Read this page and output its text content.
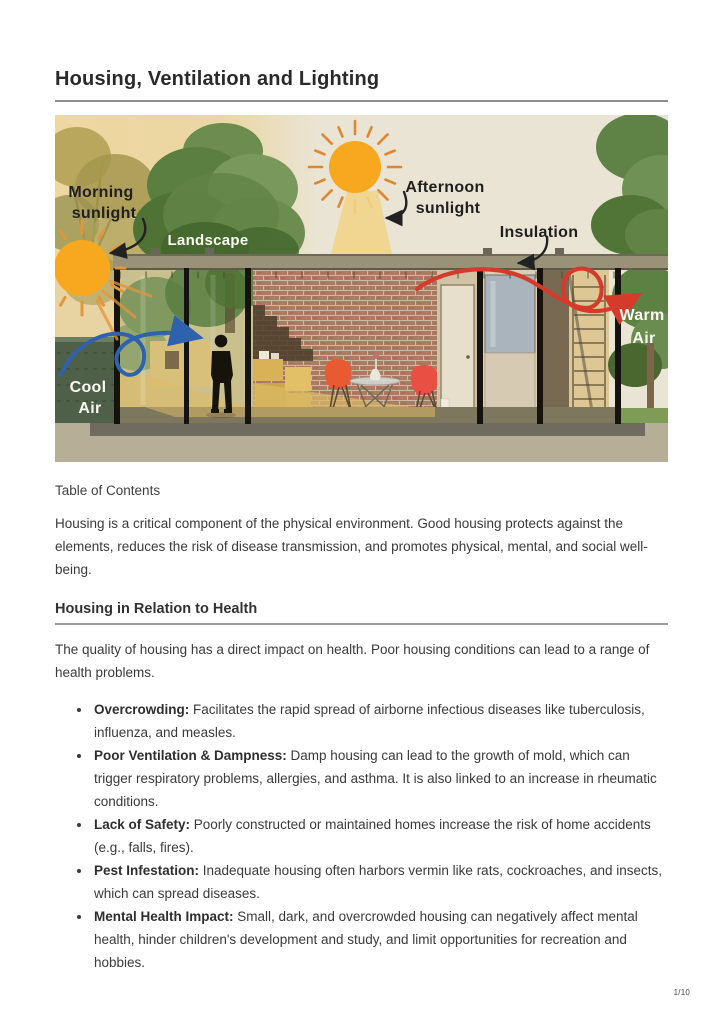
Housing, Ventilation and Lighting
Morning
sunlight
Landscape
Afternoon
sunlight
Insulation
Cool
Air
Warm
Air

Table of Contents

Housing is a critical component of the physical environment. Good housing protects against the elements, reduces the risk of disease transmission, and promotes physical, mental, and social well-being.

Housing in Relation to Health

The quality of housing has a direct impact on health. Poor housing conditions can lead to a range of health problems.

• Overcrowding: Facilitates the rapid spread of airborne infectious diseases like tuberculosis, influenza, and measles.
• Poor Ventilation & Dampness: Damp housing can lead to the growth of mold, which can trigger respiratory problems, allergies, and asthma. It is also linked to an increase in rheumatic conditions.
• Lack of Safety: Poorly constructed or maintained homes increase the risk of home accidents (e.g., falls, fires).
• Pest Infestation: Inadequate housing often harbors vermin like rats, cockroaches, and insects, which can spread diseases.
• Mental Health Impact: Small, dark, and overcrowded housing can negatively affect mental health, hinder children's development and study, and limit opportunities for recreation and hobbies.
1/10
